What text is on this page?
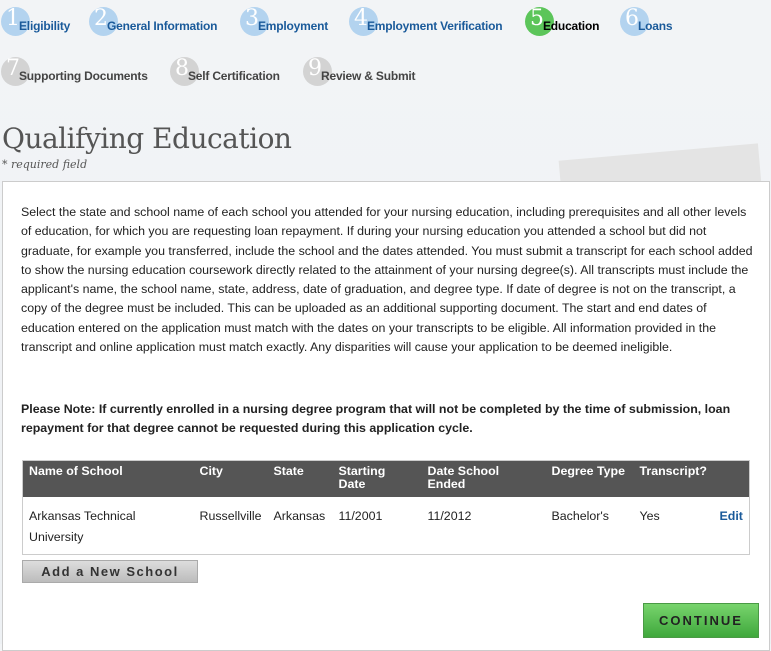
1 Eligibility 2 General Information 3 Employment 4 Employment Verification 5 Education 6 Loans
7 Supporting Documents 8 Self Certification 9 Review & Submit
Qualifying Education
* required field

Select the state and school name of each school you attended for your nursing education, including prerequisites and all other levels of education, for which you are requesting loan repayment. If during your nursing education you attended a school but did not graduate, for example you transferred, include the school and the dates attended. You must submit a transcript for each school added to show the nursing education coursework directly related to the attainment of your nursing degree(s). All transcripts must include the applicant's name, the school name, state, address, date of graduation, and degree type. If date of degree is not on the transcript, a copy of the degree must be included. This can be uploaded as an additional supporting document. The start and end dates of education entered on the application must match with the dates on your transcripts to be eligible. All information provided in the transcript and online application must match exactly. Any disparities will cause your application to be deemed ineligible.

Please Note: If currently enrolled in a nursing degree program that will not be completed by the time of submission, loan repayment for that degree cannot be requested during this application cycle.

Name of School	City	State	Starting Date	Date School Ended	Degree Type	Transcript?	
Arkansas Technical University	Russellville	Arkansas	11/2001	11/2012	Bachelor's	Yes	Edit
Add a New School
CONTINUE
